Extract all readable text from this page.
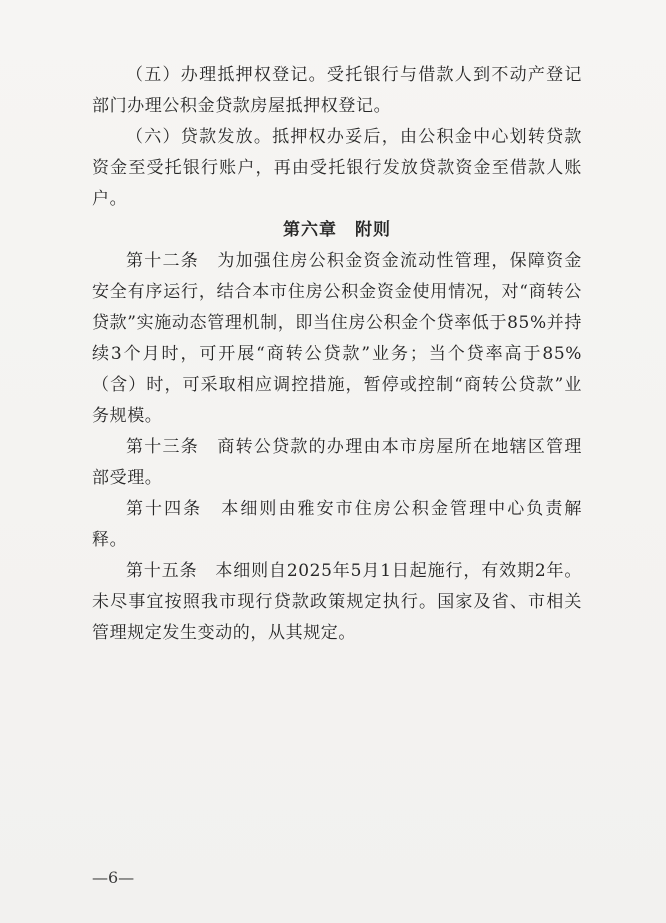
（五）办理抵押权登记。受托银行与借款人到不动产登记部门办理公积金贷款房屋抵押权登记。

（六）贷款发放。抵押权办妥后，由公积金中心划转贷款资金至受托银行账户，再由受托银行发放贷款资金至借款人账户。

第六章　附则

第十二条　为加强住房公积金资金流动性管理，保障资金安全有序运行，结合本市住房公积金资金使用情况，对“商转公贷款”实施动态管理机制，即当住房公积金个贷率低于85%并持续3个月时，可开展“商转公贷款”业务；当个贷率高于85%（含）时，可采取相应调控措施，暂停或控制“商转公贷款”业务规模。

第十三条　商转公贷款的办理由本市房屋所在地辖区管理部受理。

第十四条　本细则由雅安市住房公积金管理中心负责解释。

第十五条　本细则自2025年5月1日起施行，有效期2年。未尽事宜按照我市现行贷款政策规定执行。国家及省、市相关管理规定发生变动的，从其规定。

—6—
